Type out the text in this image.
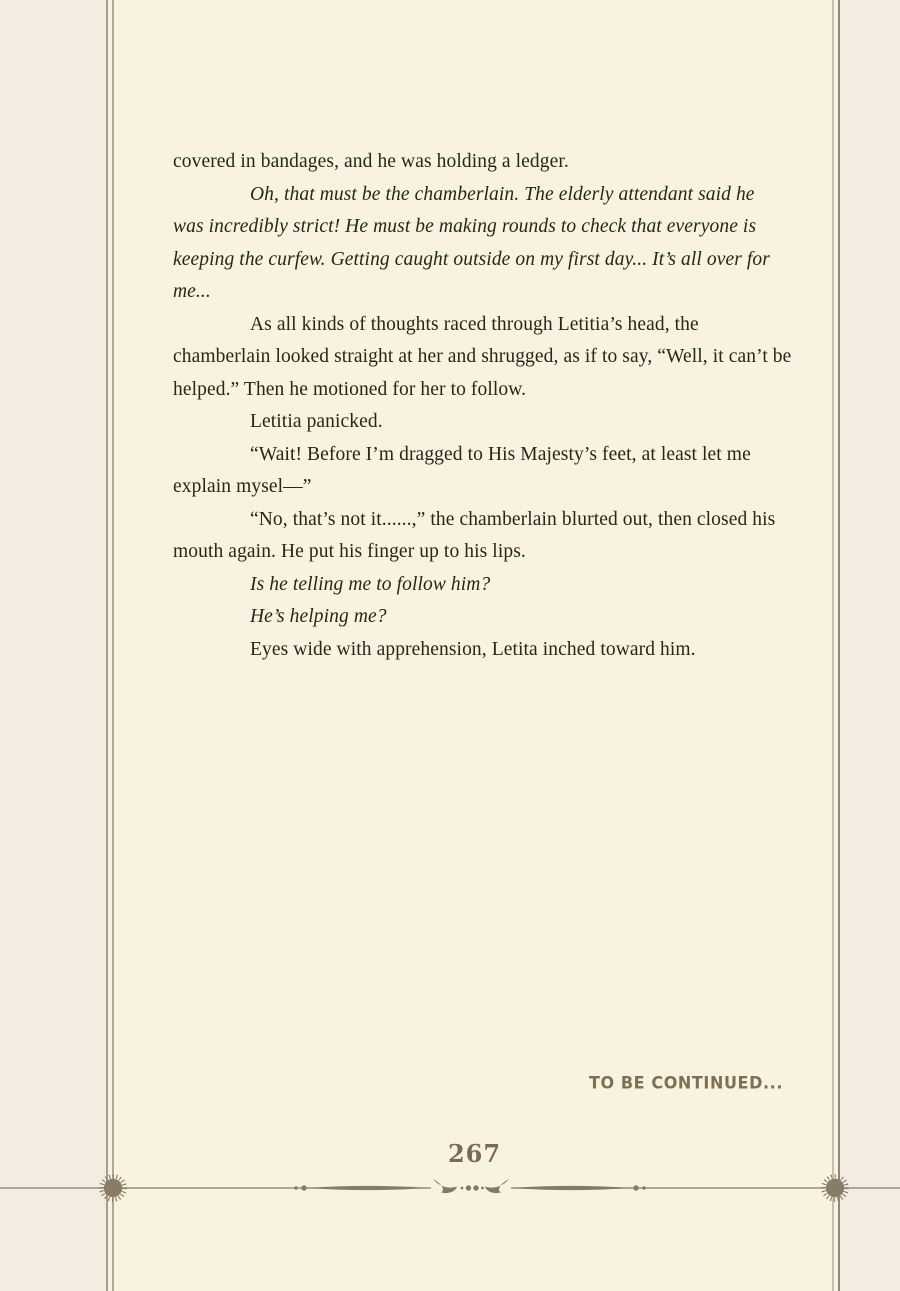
covered in bandages, and he was holding a ledger.
Oh, that must be the chamberlain. The elderly attendant said he
was incredibly strict! He must be making rounds to check that everyone is
keeping the curfew. Getting caught outside on my first day... It’s all over for
me...
As all kinds of thoughts raced through Letitia’s head, the
chamberlain looked straight at her and shrugged, as if to say, “Well, it can’t be
helped.” Then he motioned for her to follow.
Letitia panicked.
“Wait! Before I’m dragged to His Majesty’s feet, at least let me
explain mysel—”
“No, that’s not it......,” the chamberlain blurted out, then closed his
mouth again. He put his finger up to his lips.
Is he telling me to follow him?
He’s helping me?
Eyes wide with apprehension, Letita inched toward him.
TO BE CONTINUED...
267
